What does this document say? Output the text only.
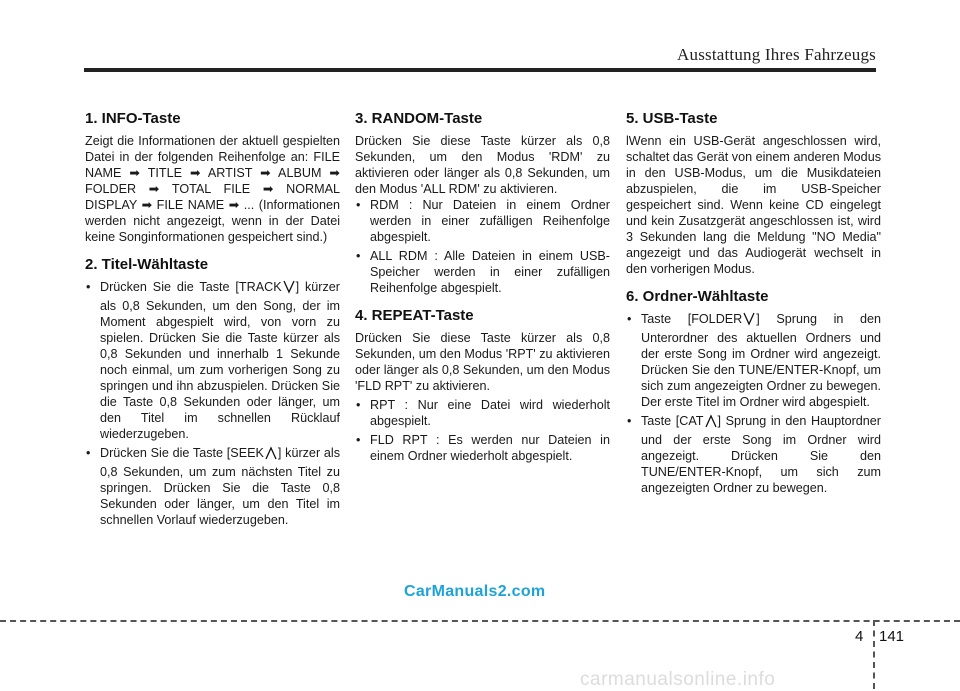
Ausstattung Ihres Fahrzeugs
1. INFO-Taste

Zeigt die Informationen der aktuell gespielten Datei in der folgenden Reihenfolge an: FILE NAME ➡ TITLE ➡ ARTIST ➡ ALBUM ➡ FOLDER ➡ TOTAL FILE ➡ NORMAL DISPLAY ➡ FILE NAME ➡ ... (Informationen werden nicht angezeigt, wenn in der Datei keine Songinformationen gespeichert sind.)

2. Titel-Wähltaste
• Drücken Sie die Taste [TRACK ] kürzer als 0,8 Sekunden, um den Song, der im Moment abgespielt wird, von vorn zu spielen. Drücken Sie die Taste kürzer als 0,8 Sekunden und innerhalb 1 Sekunde noch einmal, um zum vorherigen Song zu springen und ihn abzuspielen. Drücken Sie die Taste 0,8 Sekunden oder länger, um den Titel im schnellen Rücklauf wiederzugeben.
• Drücken Sie die Taste [SEEK ] kürzer als 0,8 Sekunden, um zum nächsten Titel zu springen. Drücken Sie die Taste 0,8 Sekunden oder länger, um den Titel im schnellen Vorlauf wiederzugeben.
3. RANDOM-Taste

Drücken Sie diese Taste kürzer als 0,8 Sekunden, um den Modus 'RDM' zu aktivieren oder länger als 0,8 Sekunden, um den Modus 'ALL RDM' zu aktivieren.

• RDM : Nur Dateien in einem Ordner werden in einer zufälligen Reihenfolge abgespielt.
• ALL RDM : Alle Dateien in einem USB-Speicher werden in einer zufälligen Reihenfolge abgespielt.
4. REPEAT-Taste

Drücken Sie diese Taste kürzer als 0,8 Sekunden, um den Modus 'RPT' zu aktivieren oder länger als 0,8 Sekunden, um den Modus 'FLD RPT' zu aktivieren.

• RPT : Nur eine Datei wird wiederholt abgespielt.
• FLD RPT : Es werden nur Dateien in einem Ordner wiederholt abgespielt.
5. USB-Taste

lWenn ein USB-Gerät angeschlossen wird, schaltet das Gerät von einem anderen Modus in den USB-Modus, um die Musikdateien abzuspielen, die im USB-Speicher gespeichert sind. Wenn keine CD eingelegt und kein Zusatzgerät angeschlossen ist, wird 3 Sekunden lang die Meldung "NO Media" angezeigt und das Audiogerät wechselt in den vorherigen Modus.

6. Ordner-Wähltaste
• Taste [FOLDER ] Sprung in den Unterordner des aktuellen Ordners und der erste Song im Ordner wird angezeigt. Drücken Sie den TUNE/ENTER-Knopf, um sich zum angezeigten Ordner zu bewegen. Der erste Titel im Ordner wird abgespielt.
• Taste [CAT ] Sprung in den Hauptordner und der erste Song im Ordner wird angezeigt. Drücken Sie den TUNE/ENTER-Knopf, um sich zum angezeigten Ordner zu bewegen.
CarManuals2.com
4 141
carmanualsonline.info
